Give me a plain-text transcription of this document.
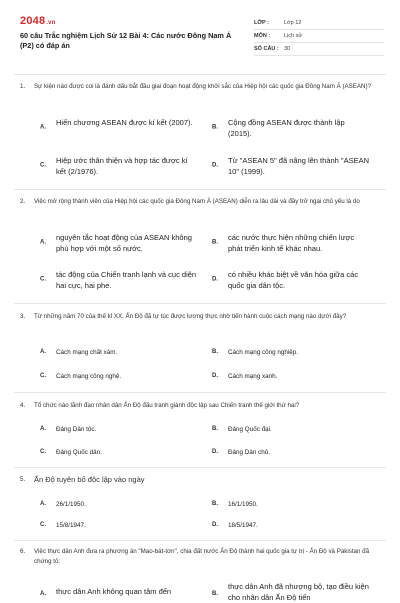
2048.vn
60 câu Trắc nghiệm Lịch Sử 12 Bài 4: Các nước Đông Nam Á (P2) có đáp án
LỚP :	Lớp 12
MÔN :	Lịch sử
SỐ CÂU : 30
1. Sự kiện nào được coi là đánh dấu bắt đầu giai đoạn hoạt động khởi sắc của Hiệp hội các quốc gia Đông Nam Á (ASEAN)?
A.
Hiến chương ASEAN được kí kết (2007).
B.
Cộng đồng ASEAN được thành lập (2015).
C.
Hiệp ước thân thiện và hợp tác được kí kết (2/1976).
D.
Từ "ASEAN 5" đã nâng lên thành "ASEAN 10" (1999).
2. Việc mở rộng thành viên của Hiệp hội các quốc gia Đông Nam Á (ASEAN) diễn ra lâu dài và đầy trở ngại chủ yếu là do
A.
nguyên tắc hoạt động của ASEAN không phù hợp với một số nước.
B.
các nước thực hiện những chiến lược phát triển kinh tế khác nhau.
C.
tác động của Chiến tranh lạnh và cục diện hai cực, hai phe.
D.
có nhiều khác biệt về văn hóa giữa các quốc gia dân tộc.
3. Từ những năm 70 của thế kỉ XX, Ấn Độ đã tự túc được lương thực nhờ tiến hành cuộc cách mạng nào dưới đây?
A. Cách mạng chất xám.	B. Cách mạng công nghiệp.
C. Cách mạng công nghệ.	D. Cách mạng xanh.
4. Tổ chức nào lãnh đạo nhân dân Ấn Độ đấu tranh giành độc lập sau Chiến tranh thế giới thứ hai?
A. Đảng Dân tộc.	B. Đảng Quốc đại.
C. Đảng Quốc dân.	D. Đảng Dân chủ.
5. Ấn Độ tuyên bố độc lập vào ngày
A. 26/1/1950.	B. 16/1/1950.
C. 15/8/1947.	D. 18/5/1947.
6. Việc thực dân Anh đưa ra phương án "Mao-bát-tơn", chia đất nước Ấn Độ thành hai quốc gia tự trị - Ấn Độ và Pakistan đã chứng tỏ:
A. thực dân Anh không quan tâm đến	B.
thực dân Anh đã nhượng bộ, tạo điều kiện cho nhân dân Ấn Độ tiến
